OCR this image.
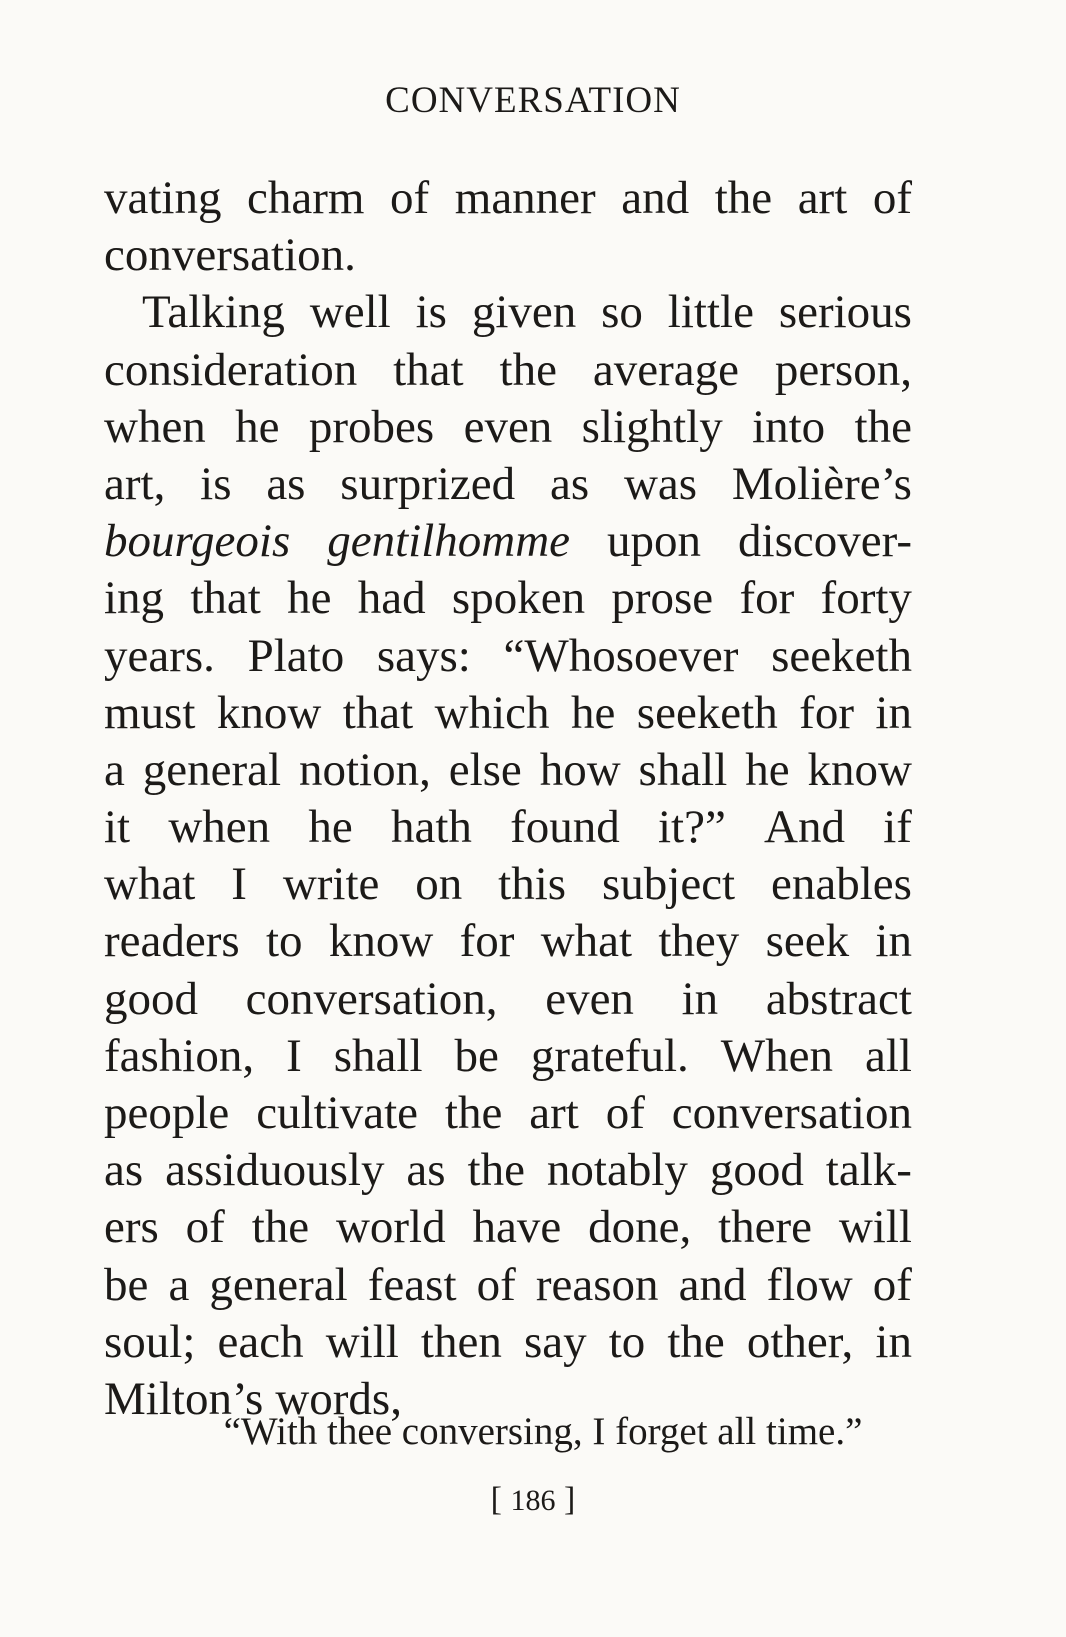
CONVERSATION
vating charm of manner and the art of
conversation.
Talking well is given so little serious
consideration that the average person,
when he probes even slightly into the
art, is as surprized as was Molière’s
bourgeois gentilhomme upon discover-
ing that he had spoken prose for forty
years. Plato says: “Whosoever seeketh
must know that which he seeketh for in
a general notion, else how shall he know
it when he hath found it?” And if
what I write on this subject enables
readers to know for what they seek in
good conversation, even in abstract
fashion, I shall be grateful. When all
people cultivate the art of conversation
as assiduously as the notably good talk-
ers of the world have done, there will
be a general feast of reason and flow of
soul; each will then say to the other, in
Milton’s words,
“With thee conversing, I forget all time.”
[ 186 ]
